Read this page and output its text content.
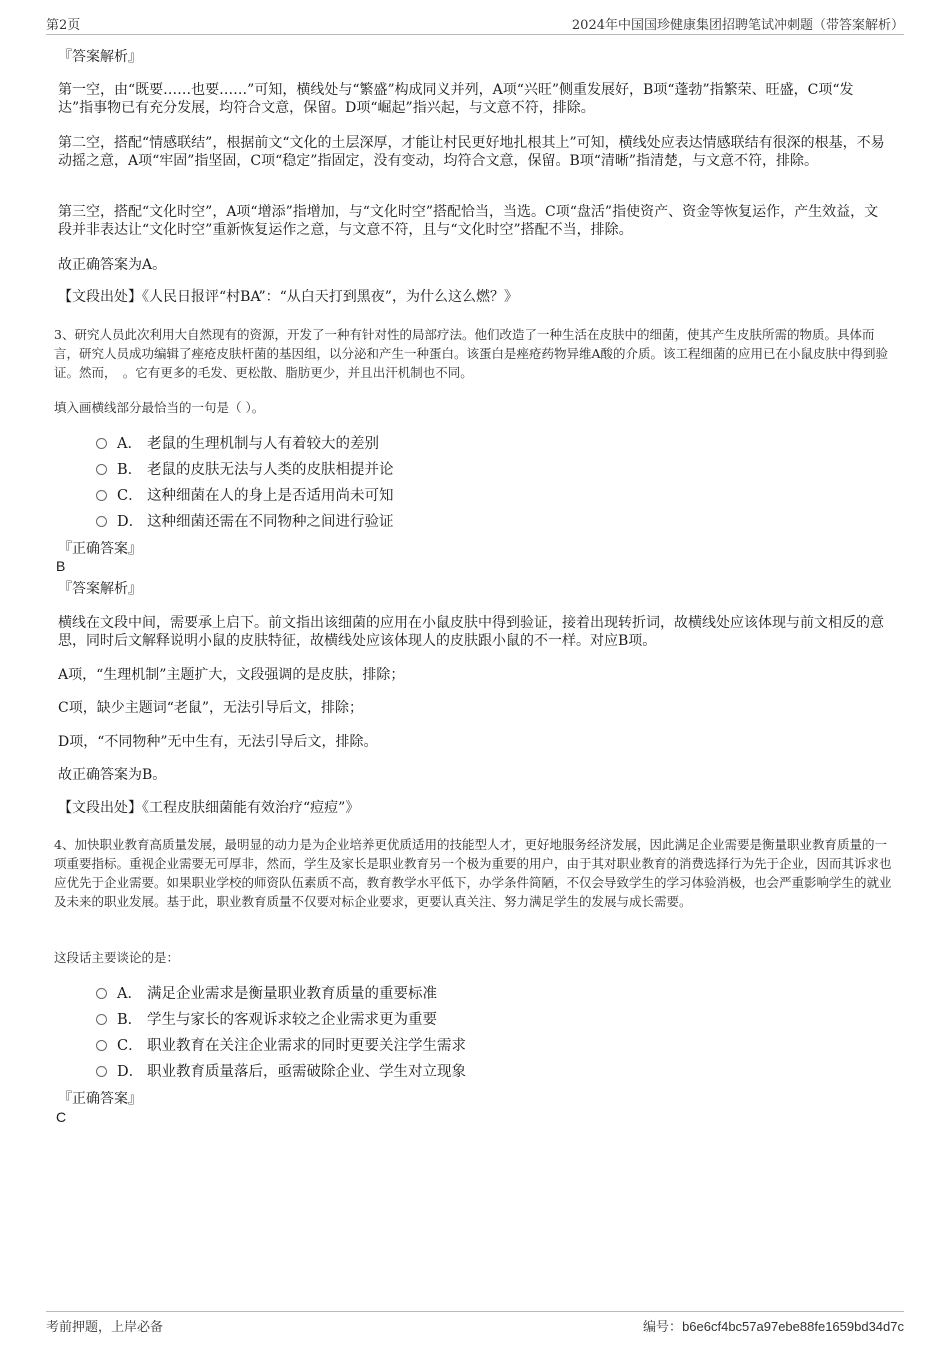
第2页	2024年中国国珍健康集团招聘笔试冲刺题（带答案解析）

『答案解析』

第一空，由“既要……也要……”可知，横线处与“繁盛”构成同义并列，A项“兴旺”侧重发展好，B项“蓬勃”指繁荣、旺盛，C项“发达”指事物已有充分发展，均符合文意，保留。D项“崛起”指兴起，与文意不符，排除。

第二空，搭配“情感联结”，根据前文“文化的土层深厚，才能让村民更好地扎根其上”可知，横线处应表达情感联结有很深的根基，不易动摇之意，A项“牢固”指坚固，C项“稳定”指固定，没有变动，均符合文意，保留。B项“清晰”指清楚，与文意不符，排除。

第三空，搭配“文化时空”，A项“增添”指增加，与“文化时空”搭配恰当，当选。C项“盘活”指使资产、资金等恢复运作，产生效益，文段并非表达让“文化时空”重新恢复运作之意，与文意不符，且与“文化时空”搭配不当，排除。

故正确答案为A。

【文段出处】《人民日报评“村BA”：“从白天打到黑夜”，为什么这么燃？》

3、研究人员此次利用大自然现有的资源，开发了一种有针对性的局部疗法。他们改造了一种生活在皮肤中的细菌，使其产生皮肤所需的物质。具体而言，研究人员成功编辑了痤疮皮肤杆菌的基因组，以分泌和产生一种蛋白。该蛋白是痤疮药物异维A酸的介质。该工程细菌的应用已在小鼠皮肤中得到验证。然而，　。它有更多的毛发、更松散、脂肪更少，并且出汗机制也不同。

填入画横线部分最恰当的一句是（ ）。

A． 老鼠的生理机制与人有着较大的差别
B． 老鼠的皮肤无法与人类的皮肤相提并论
C． 这种细菌在人的身上是否适用尚未可知
D． 这种细菌还需在不同物种之间进行验证

『正确答案』

B

『答案解析』

横线在文段中间，需要承上启下。前文指出该细菌的应用在小鼠皮肤中得到验证，接着出现转折词，故横线处应该体现与前文相反的意思，同时后文解释说明小鼠的皮肤特征，故横线处应该体现人的皮肤跟小鼠的不一样。对应B项。

A项，“生理机制”主题扩大，文段强调的是皮肤，排除；

C项，缺少主题词“老鼠”，无法引导后文，排除；

D项，“不同物种”无中生有，无法引导后文，排除。

故正确答案为B。

【文段出处】《工程皮肤细菌能有效治疗“痘痘”》

4、加快职业教育高质量发展，最明显的动力是为企业培养更优质适用的技能型人才，更好地服务经济发展，因此满足企业需要是衡量职业教育质量的一项重要指标。重视企业需要无可厚非，然而，学生及家长是职业教育另一个极为重要的用户，由于其对职业教育的消费选择行为先于企业，因而其诉求也应优先于企业需要。如果职业学校的师资队伍素质不高，教育教学水平低下，办学条件简陋，不仅会导致学生的学习体验消极，也会严重影响学生的就业及未来的职业发展。基于此，职业教育质量不仅要对标企业要求，更要认真关注、努力满足学生的发展与成长需要。

这段话主要谈论的是：

A． 满足企业需求是衡量职业教育质量的重要标准
B． 学生与家长的客观诉求较之企业需求更为重要
C． 职业教育在关注企业需求的同时更要关注学生需求
D． 职业教育质量落后，亟需破除企业、学生对立现象

『正确答案』

C
考前押题，上岸必备	编号：b6e6cf4bc57a97ebe88fe1659bd34d7c
